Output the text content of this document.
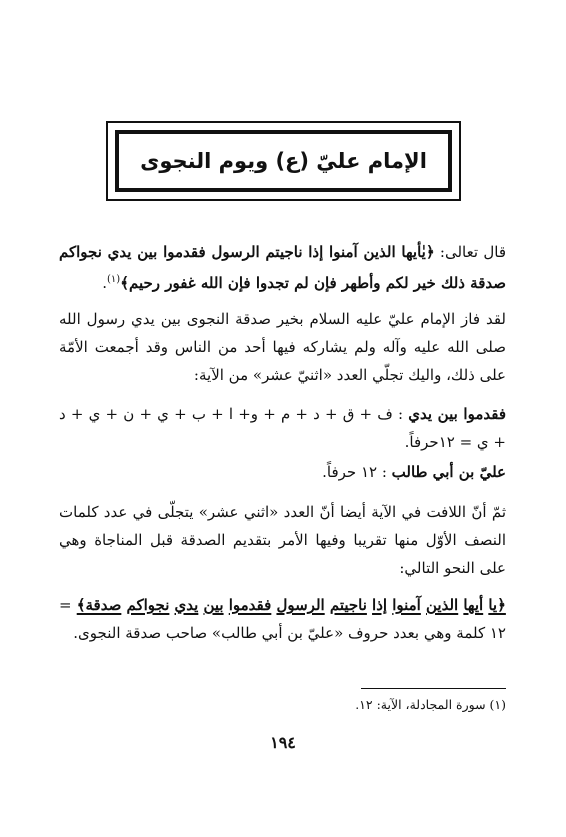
الإمام عليّ (ع) ويوم النجوى
قال تعالى: ﴿يٰأيها الذين آمنوا إذا ناجيتم الرسول فقدموا بين يدي نجواكم صدقة ذلك خير لكم وأطهر فإن لم تجدوا فإن الله غفور رحيم﴾$^{(١)}$.
لقد فاز الإمام عليّ عليه السلام بخير صدقة النجوى بين يدي رسول الله صلى الله عليه وآله ولم يشاركه فيها أحد من الناس وقد أجمعت الأمّة على ذلك، واليك تجلّي العدد «اثنيّ عشر» من الآية:
فقدموا بين يدي : ف + ق + د + م + و+ ا + ب + ي + ن + ي + د + ي = ١٢حرفاً.
عليّ بن أبي طالب : ١٢ حرفاً.
ثمّ أنّ اللافت في الآية أيضا أنّ العدد «اثني عشر» يتجلّى في عدد كلمات النصف الأوّل منها تقريبا وفيها الأمر بتقديم الصدقة قبل المناجاة وهي على النحو التالي:
﴿يا أيها الذين آمنوا إذا ناجيتم الرسول فقدموا بين يدي نجواكم صدقة﴾ = ١٢ كلمة وهي بعدد حروف «عليّ بن أبي طالب» صاحب صدقة النجوى.
(١) سورة المجادلة، الآية: ١٢.
١٩٤
